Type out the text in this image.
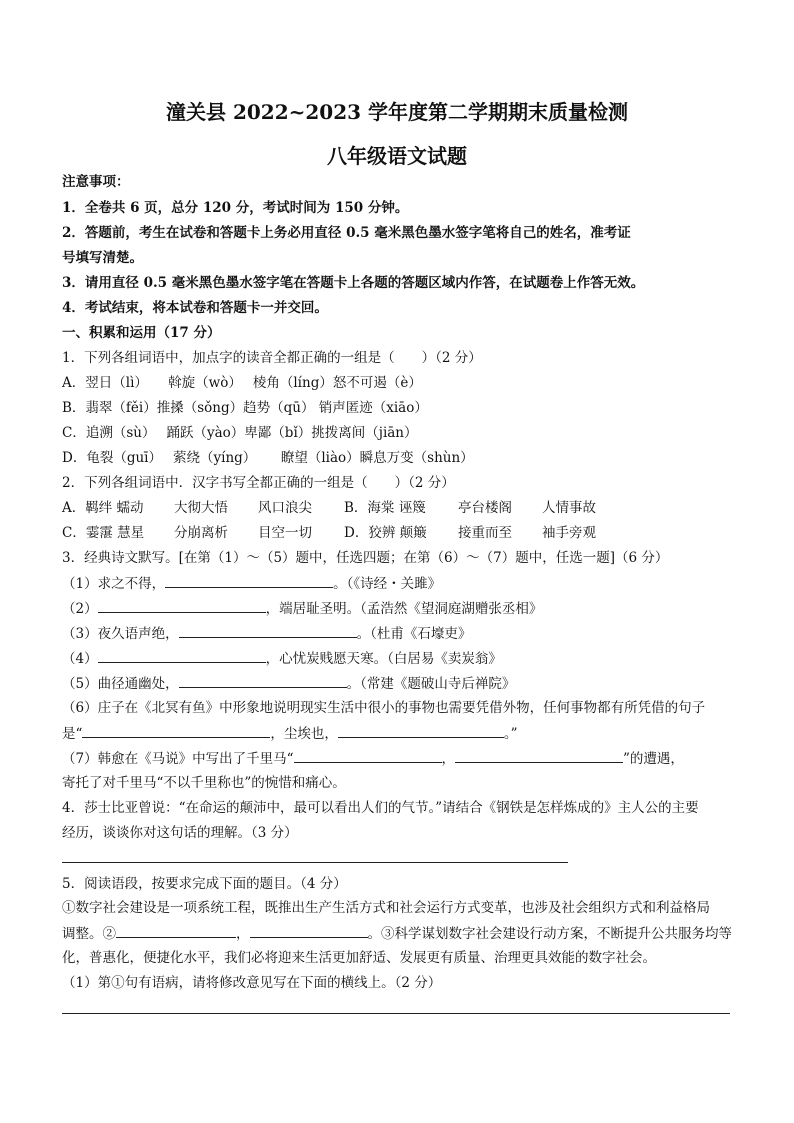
潼关县 2022~2023 学年度第二学期期末质量检测
八年级语文试题
注意事项：
1．全卷共 6 页，总分 120 分，考试时间为 150 分钟。
2．答题前，考生在试卷和答题卡上务必用直径 0.5 毫米黑色墨水签字笔将自己的姓名，准考证
号填写清楚。
3．请用直径 0.5 毫米黑色墨水签字笔在答题卡上各题的答题区域内作答，在试题卷上作答无效。
4．考试结束，将本试卷和答题卡一并交回。
一、积累和运用（17 分）
1．下列各组词语中，加点字的读音全都正确的一组是（　　）（2 分）
A．翌日（lì）　　斡旋（wò）　 棱角（líng）怒不可遏（è）
B．翡翠（fěi）推搡（sǒng）趋势（qū） 销声匿迹（xiāo）
C．追溯（sù）　 踊跃（yào）卑鄙（bǐ）挑拨离间（jiān）
D．龟裂（guī）　 萦绕（yíng）　　 瞭望（liào）瞬息万变（shùn）
2．下列各组词语中．汉字书写全都正确的一组是（　　）（2 分）
A．羁绊 蠕动 大彻大悟 风口浪尖 B．海棠 诬篾 亭台楼阁 人情事故
C．霎霮 慧星 分崩离析 目空一切 D．狡辨 颠簸 接重而至 袖手旁观
3．经典诗文默写。[在第（1）～（5）题中，任选四题；在第（6）～（7）题中，任选一题]（6 分）
（1）求之不得，	。（《诗经・关雎》
（2）	，端居耻圣明。（孟浩然《望洞庭湖赠张丞相》
（3）夜久语声绝，	。（杜甫《石壕吏》
（4）	，心忧炭贱愿天寒。（白居易《卖炭翁》
（5）曲径通幽处，	。（常建《题破山寺后禅院》
（6）庄子在《北冥有鱼》中形象地说明现实生活中很小的事物也需要凭借外物，任何事物都有所凭借的句子
是“	，尘埃也，	。”
（7）韩愈在《马说》中写出了千里马“	，	”的遭遇，
寄托了对千里马“不以千里称也”的惋惜和痛心。
4．莎士比亚曾说：“在命运的颠沛中，最可以看出人们的气节。”请结合《钢铁是怎样炼成的》主人公的主要
经历，谈谈你对这句话的理解。（3 分）
5．阅读语段，按要求完成下面的题目。（4 分）
①数字社会建设是一项系统工程，既推出生产生活方式和社会运行方式变革，也涉及社会组织方式和利益格局
调整。②	，	。③科学谋划数字社会建设行动方案，不断提升公共服务均等
化，普惠化，便捷化水平，我们必将迎来生活更加舒适、发展更有质量、治理更具效能的数字社会。
（1）第①句有语病，请将修改意见写在下面的横线上。（2 分）
